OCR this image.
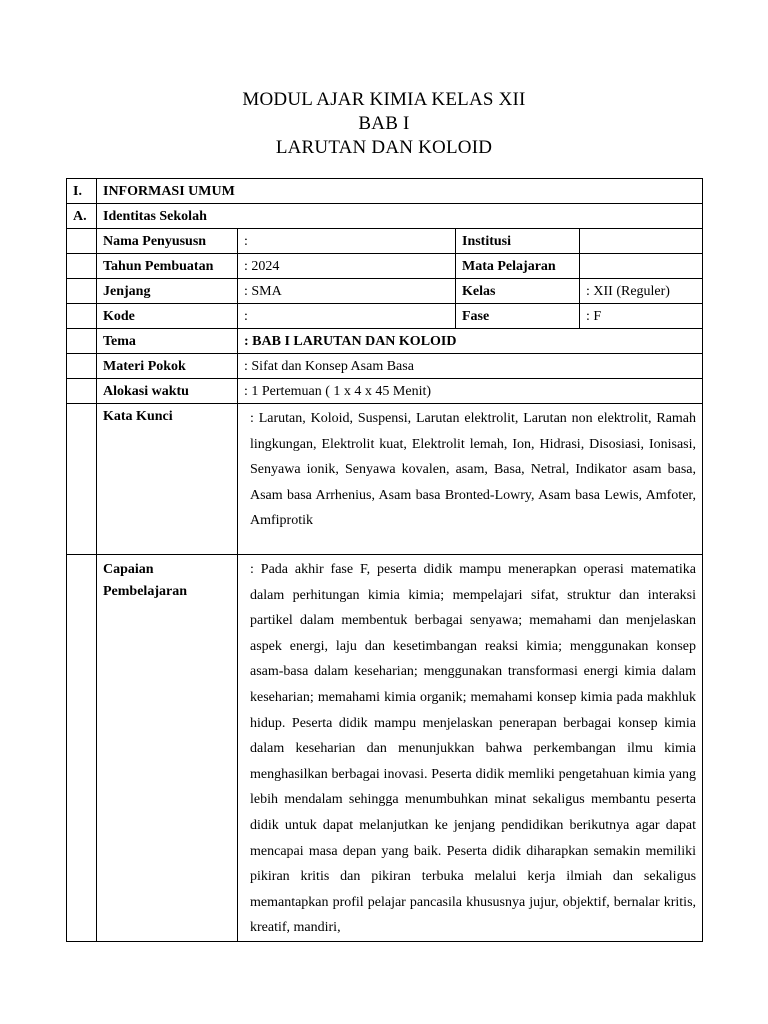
MODUL AJAR KIMIA KELAS XII
BAB I
LARUTAN DAN KOLOID
I.	INFORMASI UMUM			
A.	Identitas Sekolah			
	Nama Penyususn	:	Institusi	
	Tahun Pembuatan	: 2024	Mata Pelajaran	
	Jenjang	: SMA	Kelas	: XII (Reguler)
	Kode	:	Fase	: F
	Tema	: BAB I LARUTAN DAN KOLOID		
	Materi Pokok	: Sifat dan Konsep Asam Basa		
	Alokasi waktu	: 1 Pertemuan ( 1 x 4 x 45 Menit)		
	Kata Kunci	: Larutan, Koloid, Suspensi, Larutan elektrolit, Larutan non elektrolit, Ramah lingkungan, Elektrolit kuat, Elektrolit lemah, Ion, Hidrasi, Disosiasi, Ionisasi, Senyawa ionik, Senyawa kovalen, asam, Basa, Netral, Indikator asam basa, Asam basa Arrhenius, Asam basa Bronted-Lowry, Asam basa Lewis, Amfoter, Amfiprotik		

	Capaian
Pembelajaran	: Pada akhir fase F, peserta didik mampu menerapkan operasi matematika dalam perhitungan kimia kimia; mempelajari sifat, struktur dan interaksi partikel dalam membentuk berbagai senyawa; memahami dan menjelaskan aspek energi, laju dan kesetimbangan reaksi kimia; menggunakan konsep asam-basa dalam keseharian; menggunakan transformasi energi kimia dalam keseharian; memahami kimia organik; memahami konsep kimia pada makhluk hidup. Peserta didik mampu menjelaskan penerapan berbagai konsep kimia dalam keseharian dan menunjukkan bahwa perkembangan ilmu kimia menghasilkan berbagai inovasi. Peserta didik memliki pengetahuan kimia yang lebih mendalam sehingga menumbuhkan minat sekaligus membantu peserta didik untuk dapat melanjutkan ke jenjang pendidikan berikutnya agar dapat mencapai masa depan yang baik. Peserta didik diharapkan semakin memiliki pikiran kritis dan pikiran terbuka melalui kerja ilmiah dan sekaligus memantapkan profil pelajar pancasila khususnya jujur, objektif, bernalar kritis, kreatif, mandiri,		
